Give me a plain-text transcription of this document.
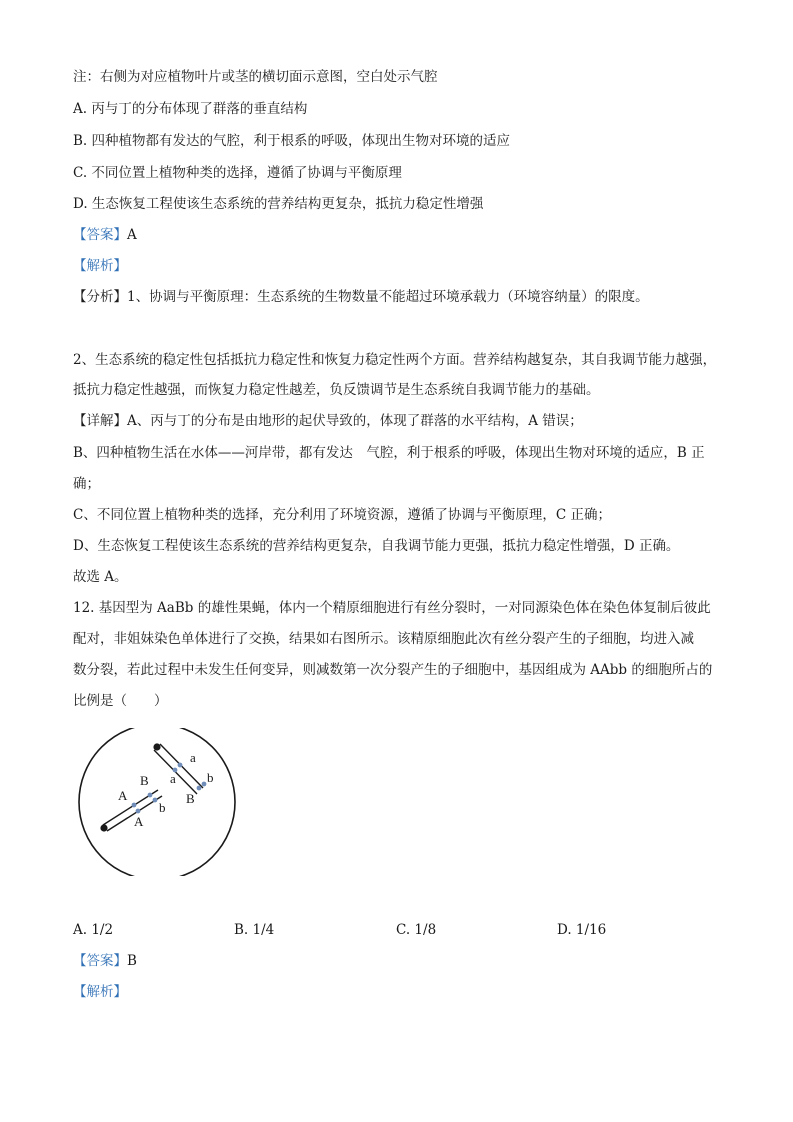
注：右侧为对应植物叶片或茎的横切面示意图，空白处示气腔
A. 丙与丁的分布体现了群落的垂直结构
B. 四种植物都有发达的气腔，利于根系的呼吸，体现出生物对环境的适应
C. 不同位置上植物种类的选择，遵循了协调与平衡原理
D. 生态恢复工程使该生态系统的营养结构更复杂，抵抗力稳定性增强
【答案】A
【解析】
【分析】1、协调与平衡原理：生态系统的生物数量不能超过环境承载力（环境容纳量）的限度。
2、生态系统的稳定性包括抵抗力稳定性和恢复力稳定性两个方面。营养结构越复杂，其自我调节能力越强，
抵抗力稳定性越强，而恢复力稳定性越差，负反馈调节是生态系统自我调节能力的基础。
【详解】A、丙与丁的分布是由地形的起伏导致的，体现了群落的水平结构，A 错误；
B、四种植物生活在水体——河岸带，都有发达　气腔，利于根系的呼吸，体现出生物对环境的适应，B 正
确；
C、不同位置上植物种类的选择，充分利用了环境资源，遵循了协调与平衡原理，C 正确；
D、生态恢复工程使该生态系统的营养结构更复杂，自我调节能力更强，抵抗力稳定性增强，D 正确。
故选 A。
12. 基因型为 AaBb 的雄性果蝇，体内一个精原细胞进行有丝分裂时，一对同源染色体在染色体复制后彼此
配对，非姐妹染色单体进行了交换，结果如右图所示。该精原细胞此次有丝分裂产生的子细胞，均进入减
数分裂，若此过程中未发生任何变异，则减数第一次分裂产生的子细胞中，基因组成为 AAbb 的细胞所占的
比例是（　　）
A
A
B
B
a
a b
b
A. 1/2	B. 1/4	C. 1/8	D. 1/16
【答案】B
【解析】
